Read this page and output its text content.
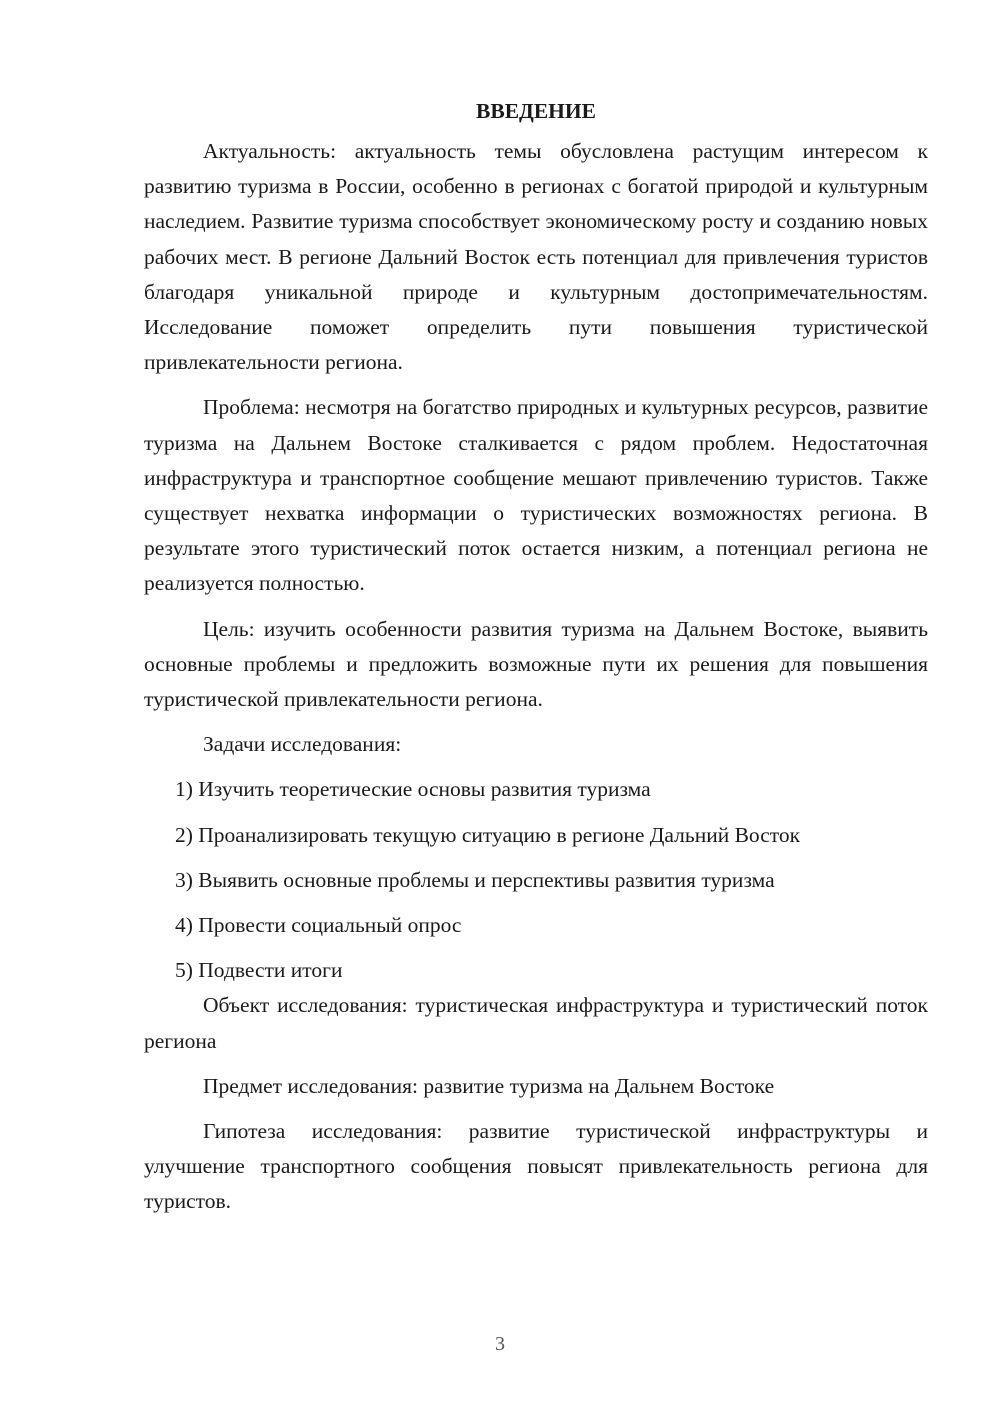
ВВЕДЕНИЕ

Актуальность: актуальность темы обусловлена растущим интересом к развитию туризма в России, особенно в регионах с богатой природой и культурным наследием. Развитие туризма способствует экономическому росту и созданию новых рабочих мест. В регионе Дальний Восток есть потенциал для привлечения туристов благодаря уникальной природе и культурным достопримечательностям. Исследование поможет определить пути повышения туристической привлекательности региона.

Проблема: несмотря на богатство природных и культурных ресурсов, развитие туризма на Дальнем Востоке сталкивается с рядом проблем. Недостаточная инфраструктура и транспортное сообщение мешают привлечению туристов. Также существует нехватка информации о туристических возможностях региона. В результате этого туристический поток остается низким, а потенциал региона не реализуется полностью.

Цель: изучить особенности развития туризма на Дальнем Востоке, выявить основные проблемы и предложить возможные пути их решения для повышения туристической привлекательности региона.

Задачи исследования:

1) Изучить теоретические основы развития туризма

2) Проанализировать текущую ситуацию в регионе Дальний Восток

3) Выявить основные проблемы и перспективы развития туризма

4) Провести социальный опрос

5) Подвести итоги

Объект исследования: туристическая инфраструктура и туристический поток региона

Предмет исследования: развитие туризма на Дальнем Востоке

Гипотеза исследования: развитие туристической инфраструктуры и улучшение транспортного сообщения повысят привлекательность региона для туристов.

3
